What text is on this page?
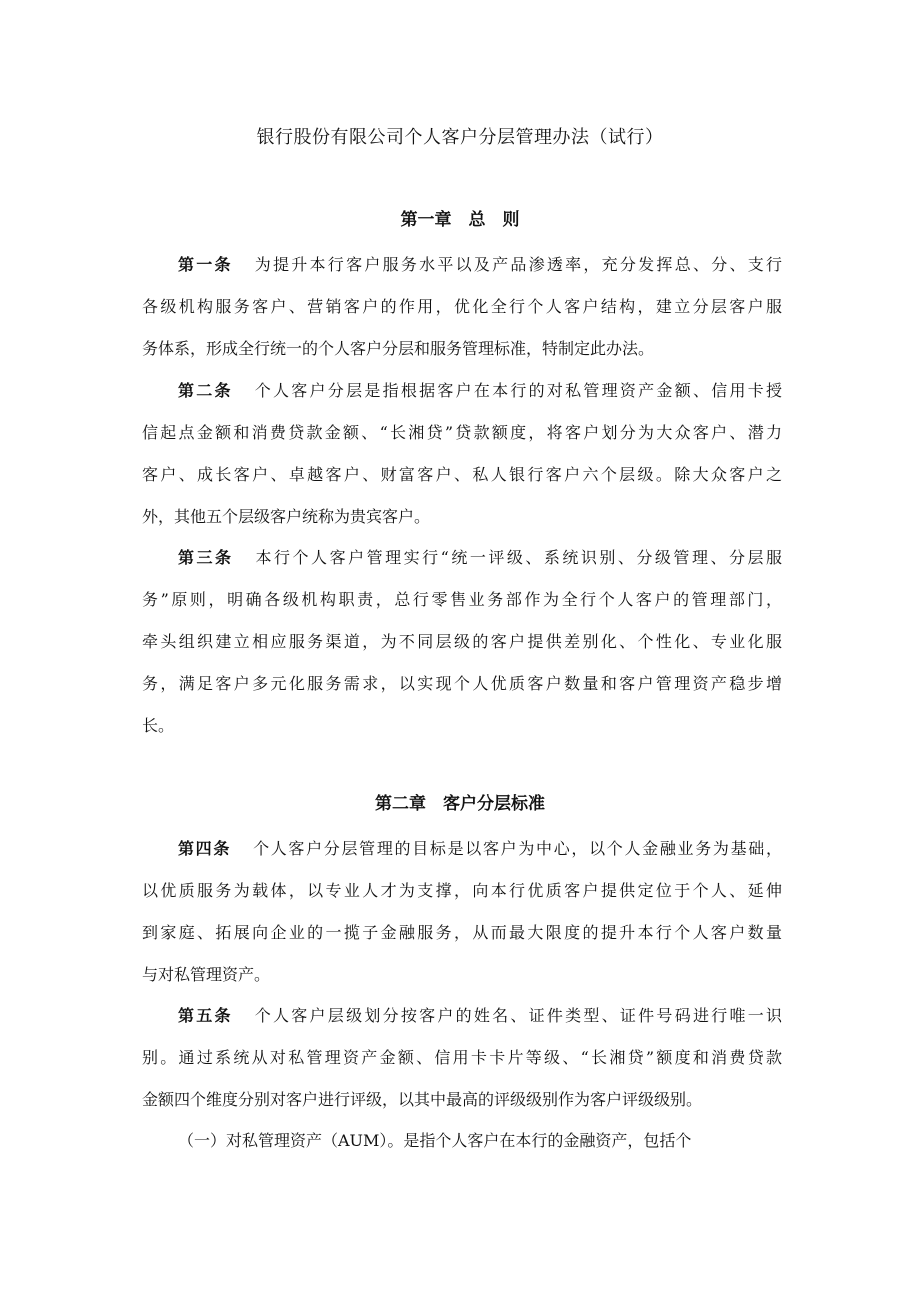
银行股份有限公司个人客户分层管理办法（试行）
第一章　总　则
第一条 为提升本行客户服务水平以及产品渗透率，充分发挥总、分、支行
各级机构服务客户、营销客户的作用，优化全行个人客户结构，建立分层客户服
务体系，形成全行统一的个人客户分层和服务管理标准，特制定此办法。
第二条 个人客户分层是指根据客户在本行的对私管理资产金额、信用卡授
信起点金额和消费贷款金额、“长湘贷”贷款额度，将客户划分为大众客户、潜力
客户、成长客户、卓越客户、财富客户、私人银行客户六个层级。除大众客户之
外，其他五个层级客户统称为贵宾客户。
第三条 本行个人客户管理实行“统一评级、系统识别、分级管理、分层服
务”原则，明确各级机构职责，总行零售业务部作为全行个人客户的管理部门，
牵头组织建立相应服务渠道，为不同层级的客户提供差别化、个性化、专业化服
务，满足客户多元化服务需求，以实现个人优质客户数量和客户管理资产稳步增
长。
第二章　客户分层标准
第四条 个人客户分层管理的目标是以客户为中心，以个人金融业务为基础，
以优质服务为载体，以专业人才为支撑，向本行优质客户提供定位于个人、延伸
到家庭、拓展向企业的一揽子金融服务，从而最大限度的提升本行个人客户数量
与对私管理资产。
第五条 个人客户层级划分按客户的姓名、证件类型、证件号码进行唯一识
别。通过系统从对私管理资产金额、信用卡卡片等级、“长湘贷”额度和消费贷款
金额四个维度分别对客户进行评级，以其中最高的评级级别作为客户评级级别。
（一）对私管理资产（AUM）。是指个人客户在本行的金融资产，包括个
